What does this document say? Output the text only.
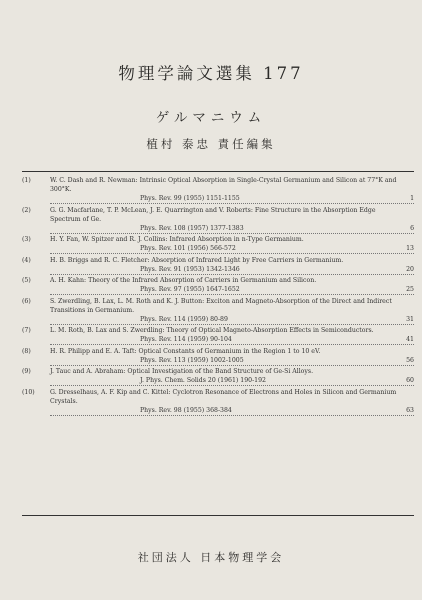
物理学論文選集 177
ゲルマニウム
植村 泰忠 責任編集
(1)	W. C. Dash and R. Newman: Intrinsic Optical Absorption in Single-Crystal Germanium and Silicon at 77°K and 300°K.
Phys. Rev. 99 (1955) 1151-1155	1
(2)	G. G. Macfarlane, T. P. McLean, J. E. Quarrington and V. Roberts: Fine Structure in the Absorption Edge Spectrum of Ge.
Phys. Rev. 108 (1957) 1377-1383	6
(3)	H. Y. Fan, W. Spitzer and R. J. Collins: Infrared Absorption in n-Type Germanium.
Phys. Rev. 101 (1956) 566-572	13
(4)	H. B. Briggs and R. C. Fletcher: Absorption of Infrared Light by Free Carriers in Germanium.
Phys. Rev. 91 (1953) 1342-1346	20
(5)	A. H. Kahn: Theory of the Infrared Absorption of Carriers in Germanium and Silicon.
Phys. Rev. 97 (1955) 1647-1652	25
(6)	S. Zwerdling, B. Lax, L. M. Roth and K. J. Button: Exciton and Magneto-Absorption of the Direct and Indirect Transitions in Germanium.
Phys. Rev. 114 (1959) 80-89	31
(7)	L. M. Roth, B. Lax and S. Zwerdling: Theory of Optical Magneto-Absorption Effects in Semiconductors.
Phys. Rev. 114 (1959) 90-104	41
(8)	H. R. Philipp and E. A. Taft: Optical Constants of Germanium in the Region 1 to 10 eV.
Phys. Rev. 113 (1959) 1002-1005	56
(9)	J. Tauc and A. Abraham: Optical Investigation of the Band Structure of Ge-Si Alloys.
J. Phys. Chem. Solids 20 (1961) 190-192	60
(10)	G. Dresselhaus, A. F. Kip and C. Kittel: Cyclotron Resonance of Electrons and Holes in Silicon and Germanium Crystals.
Phys. Rev. 98 (1955) 368-384	63
社団法人 日本物理学会
